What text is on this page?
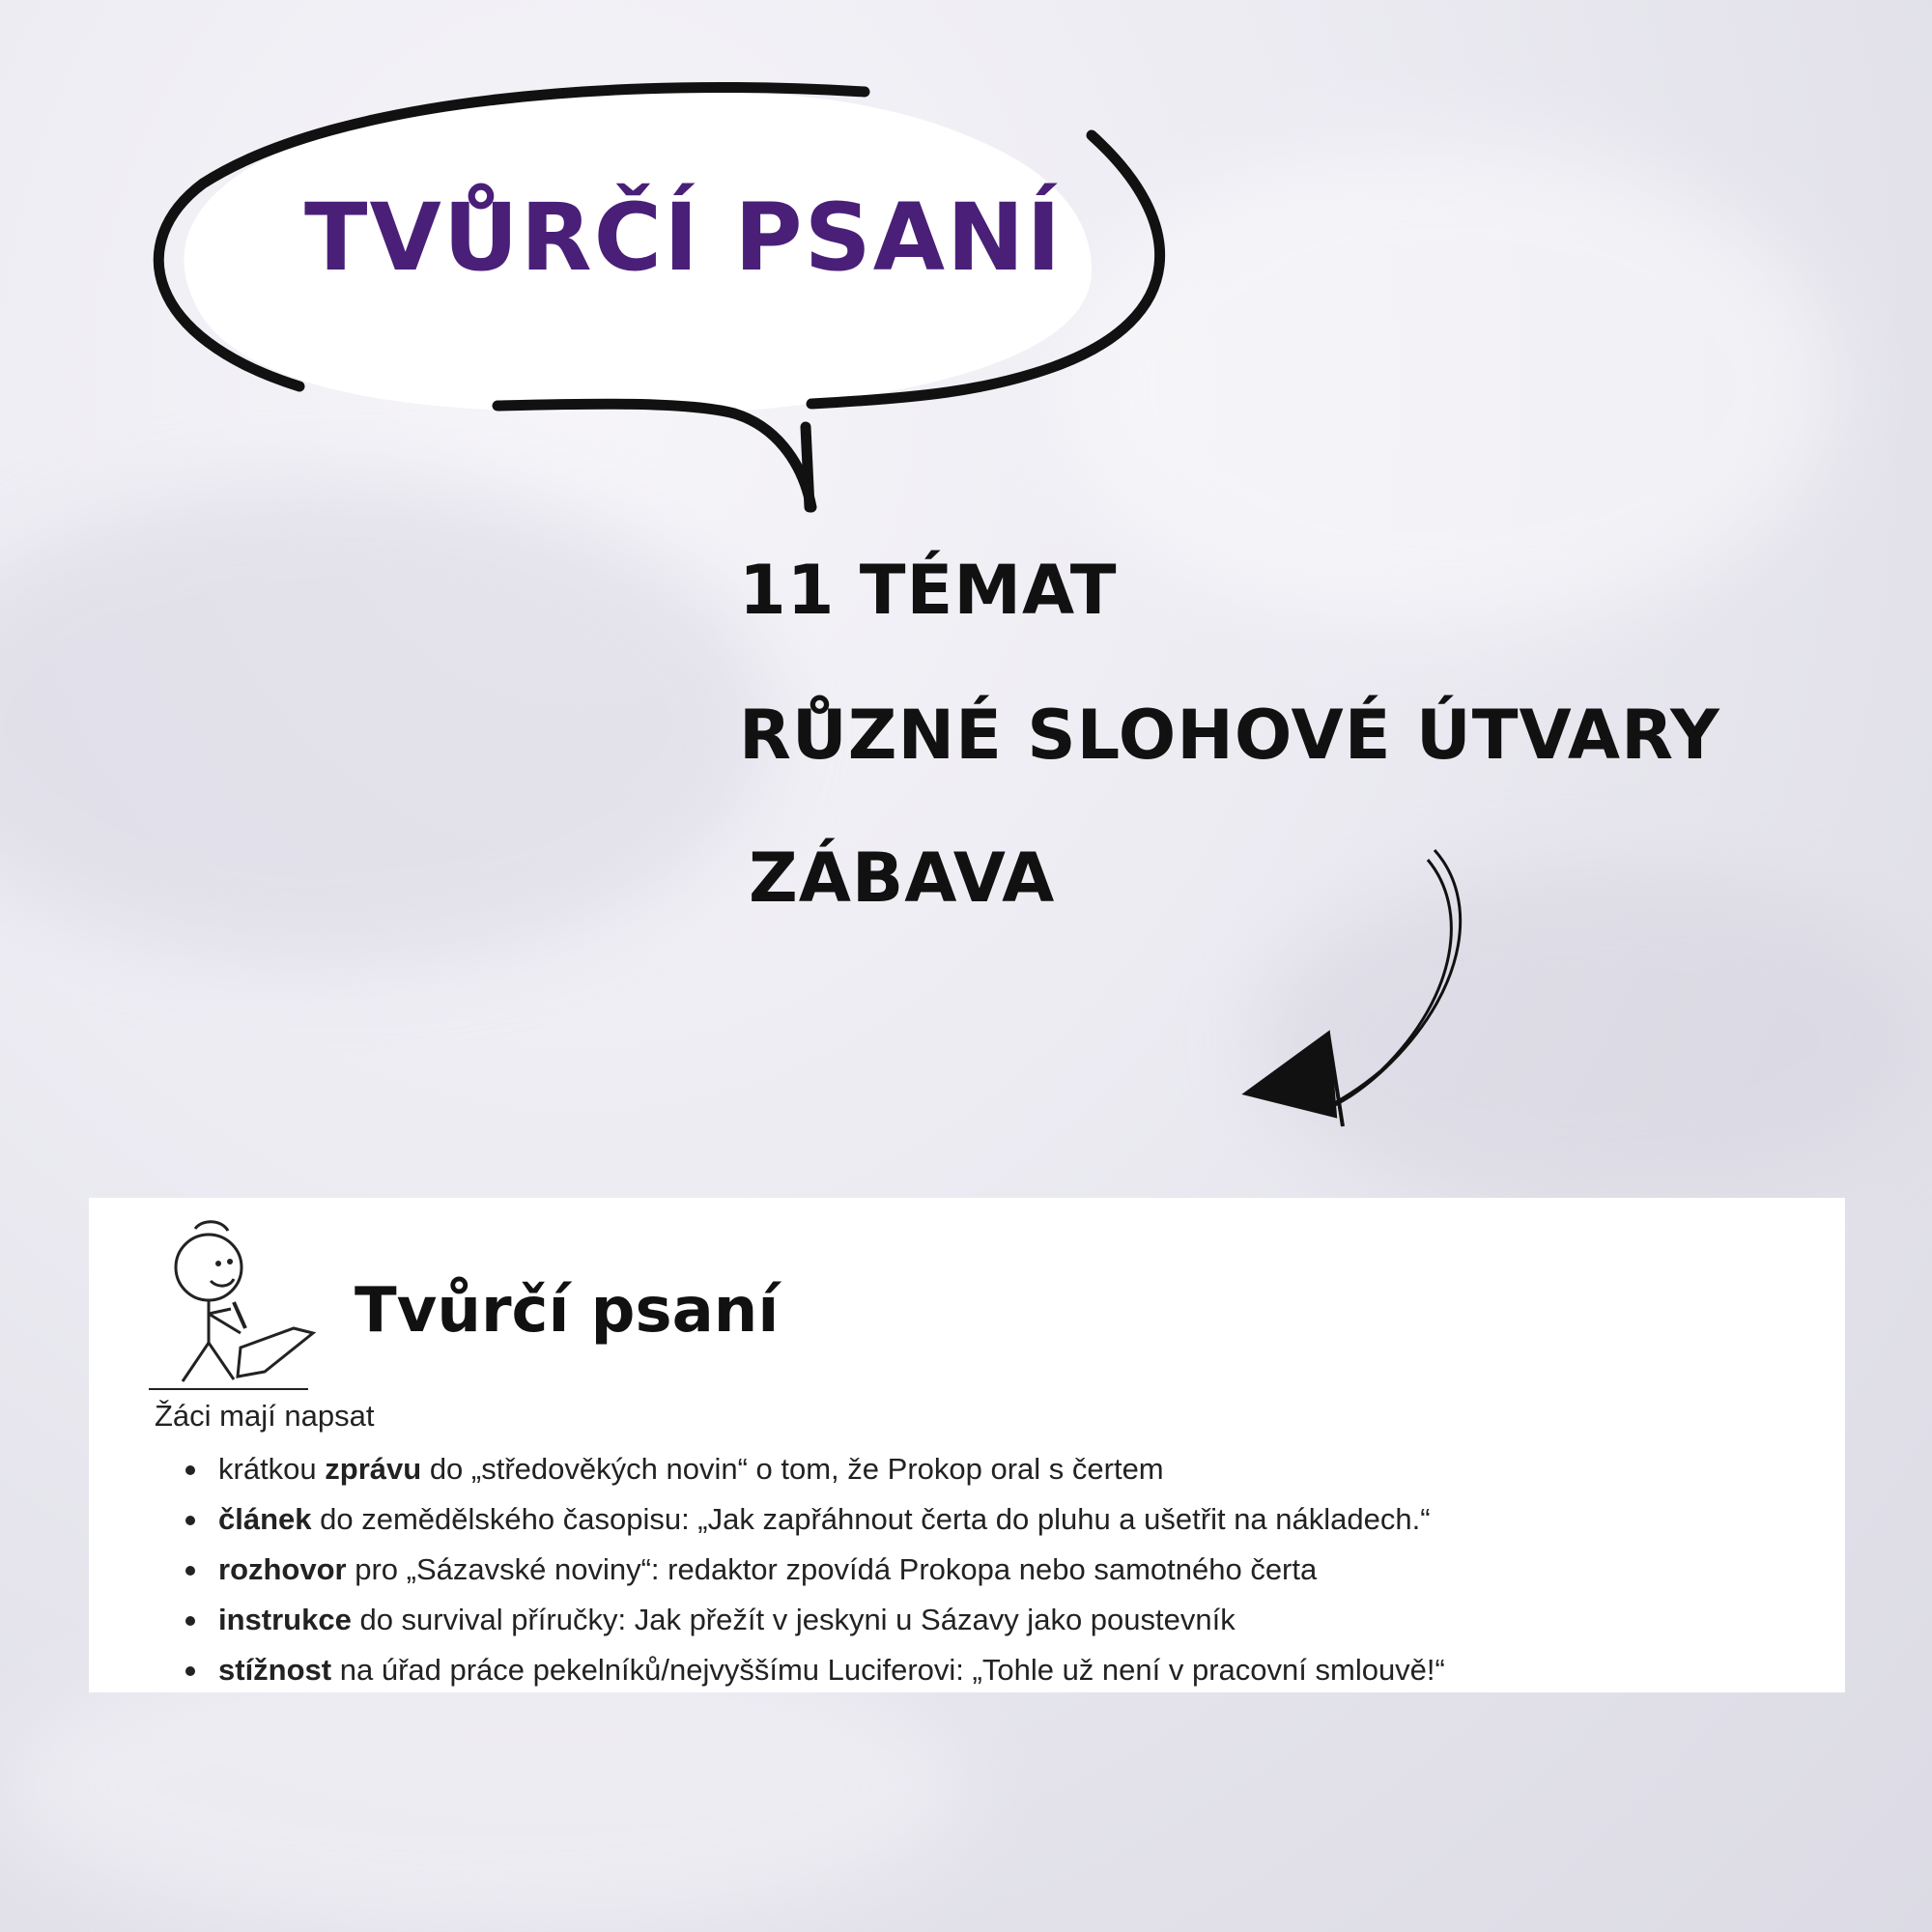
TVŮRČÍ PSANÍ
11 TÉMAT
RŮZNÉ SLOHOVÉ ÚTVARY
ZÁBAVA
Tvůrčí psaní
Žáci mají napsat
krátkou zprávu do „středověkých novin“ o tom, že Prokop oral s čertem
článek do zemědělského časopisu: „Jak zapřáhnout čerta do pluhu a ušetřit na nákladech.“
rozhovor pro „Sázavské noviny“: redaktor zpovídá Prokopa nebo samotného čerta
instrukce do survival příručky: Jak přežít v jeskyni u Sázavy jako poustevník
stížnost na úřad práce pekelníků/nejvyššímu Luciferovi: „Tohle už není v pracovní smlouvě!“
